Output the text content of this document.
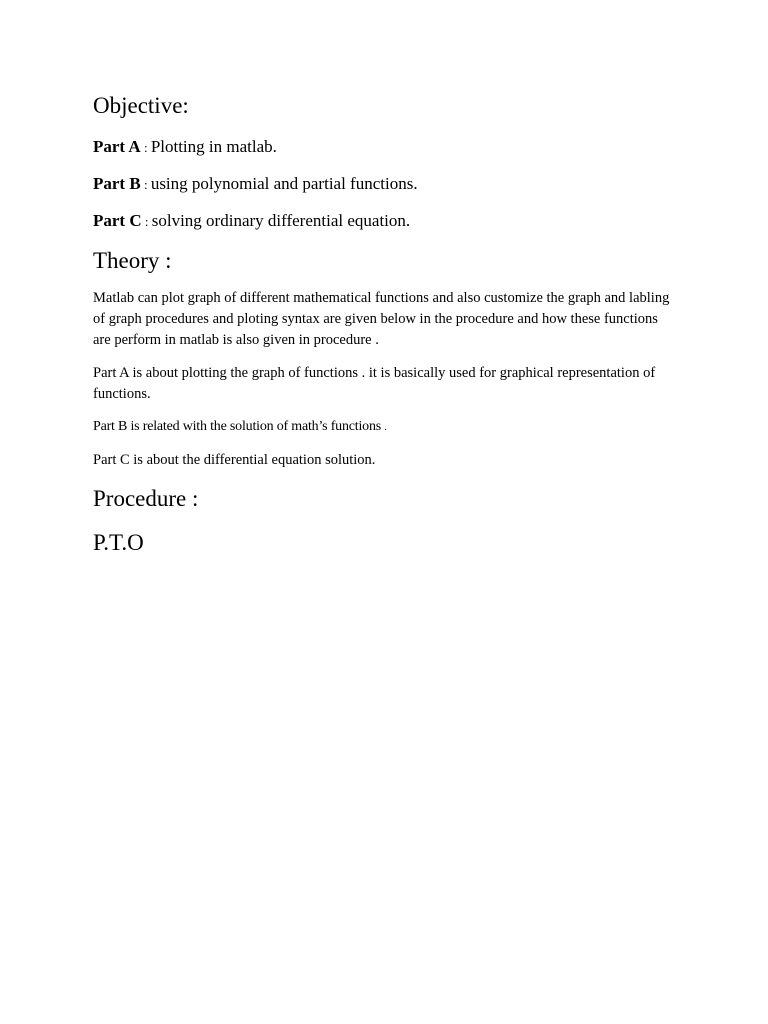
Objective:
Part A : Plotting in matlab.
Part B : using polynomial and partial functions.
Part C : solving ordinary differential equation.
Theory :
Matlab can plot graph of different mathematical functions and also customize the graph and labling of graph procedures and ploting syntax are given below in the procedure and how these functions are perform in matlab is also given in procedure .
Part A is about plotting the graph of functions . it is basically used for graphical representation of functions.
Part B is related with the solution of math’s functions .
Part C is about the differential equation solution.
Procedure :
P.T.O
